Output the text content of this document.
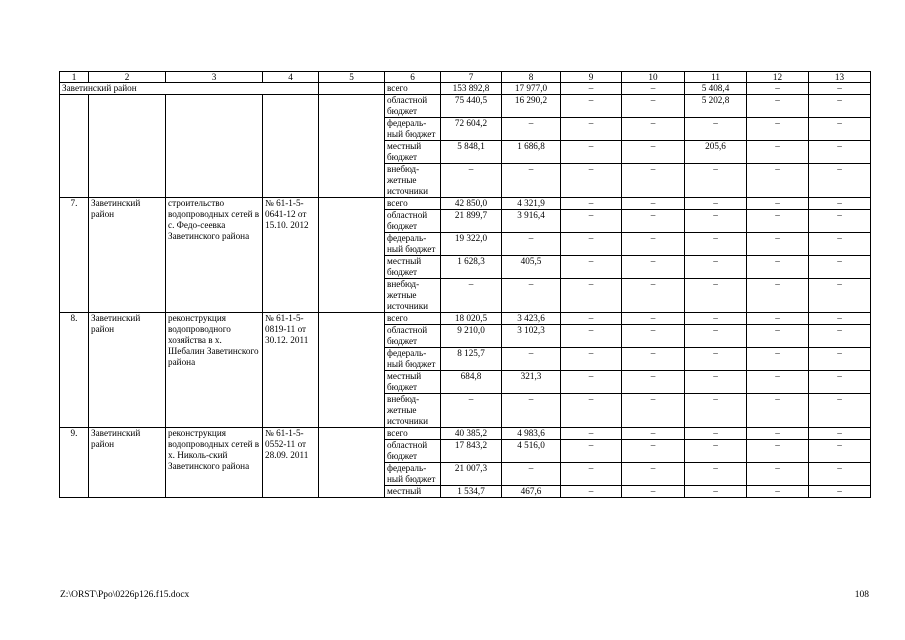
1	2	3	4	5	6	7	8	9	10	11	12	13
Заветинский район					всего	153 892,8	17 977,0	–	–	5 408,4	–	–
					областной бюджет	75 440,5	16 290,2	–	–	5 202,8	–	–
					федераль-ный бюджет	72 604,2	–	–	–	–	–	–
					местный бюджет	5 848,1	1 686,8	–	–	205,6	–	–
					внебюд-жетные источники	–	–	–	–	–	–	–
7.	Заветинский район	строительство водопроводных сетей в с. Федо-сеевка Заветинского района	№ 61-1-5-0641-12 от 15.10. 2012		всего	42 850,0	4 321,9	–	–	–	–	–
					областной бюджет	21 899,7	3 916,4	–	–	–	–	–
					федераль-ный бюджет	19 322,0	–	–	–	–	–	–
					местный бюджет	1 628,3	405,5	–	–	–	–	–
					внебюд-жетные источники	–	–	–	–	–	–	–
8.	Заветинский район	реконструкция водопроводного хозяйства в х. Шебалин Заветинского района	№ 61-1-5-0819-11 от 30.12. 2011		всего	18 020,5	3 423,6	–	–	–	–	–
					областной бюджет	9 210,0	3 102,3	–	–	–	–	–
					федераль-ный бюджет	8 125,7	–	–	–	–	–	–
					местный бюджет	684,8	321,3	–	–	–	–	–
					внебюд-жетные источники	–	–	–	–	–	–	–
9.	Заветинский район	реконструкция водопроводных сетей в х. Николь-ский Заветинского района	№ 61-1-5-0552-11 от 28.09. 2011		всего	40 385,2	4 983,6	–	–	–	–	–
					областной бюджет	17 843,2	4 516,0	–	–	–	–	–
					федераль-ный бюджет	21 007,3	–	–	–	–	–	–
					местный	1 534,7	467,6	–	–	–	–	–
Z:\ORST\Ppo\0226p126.f15.docx	108
